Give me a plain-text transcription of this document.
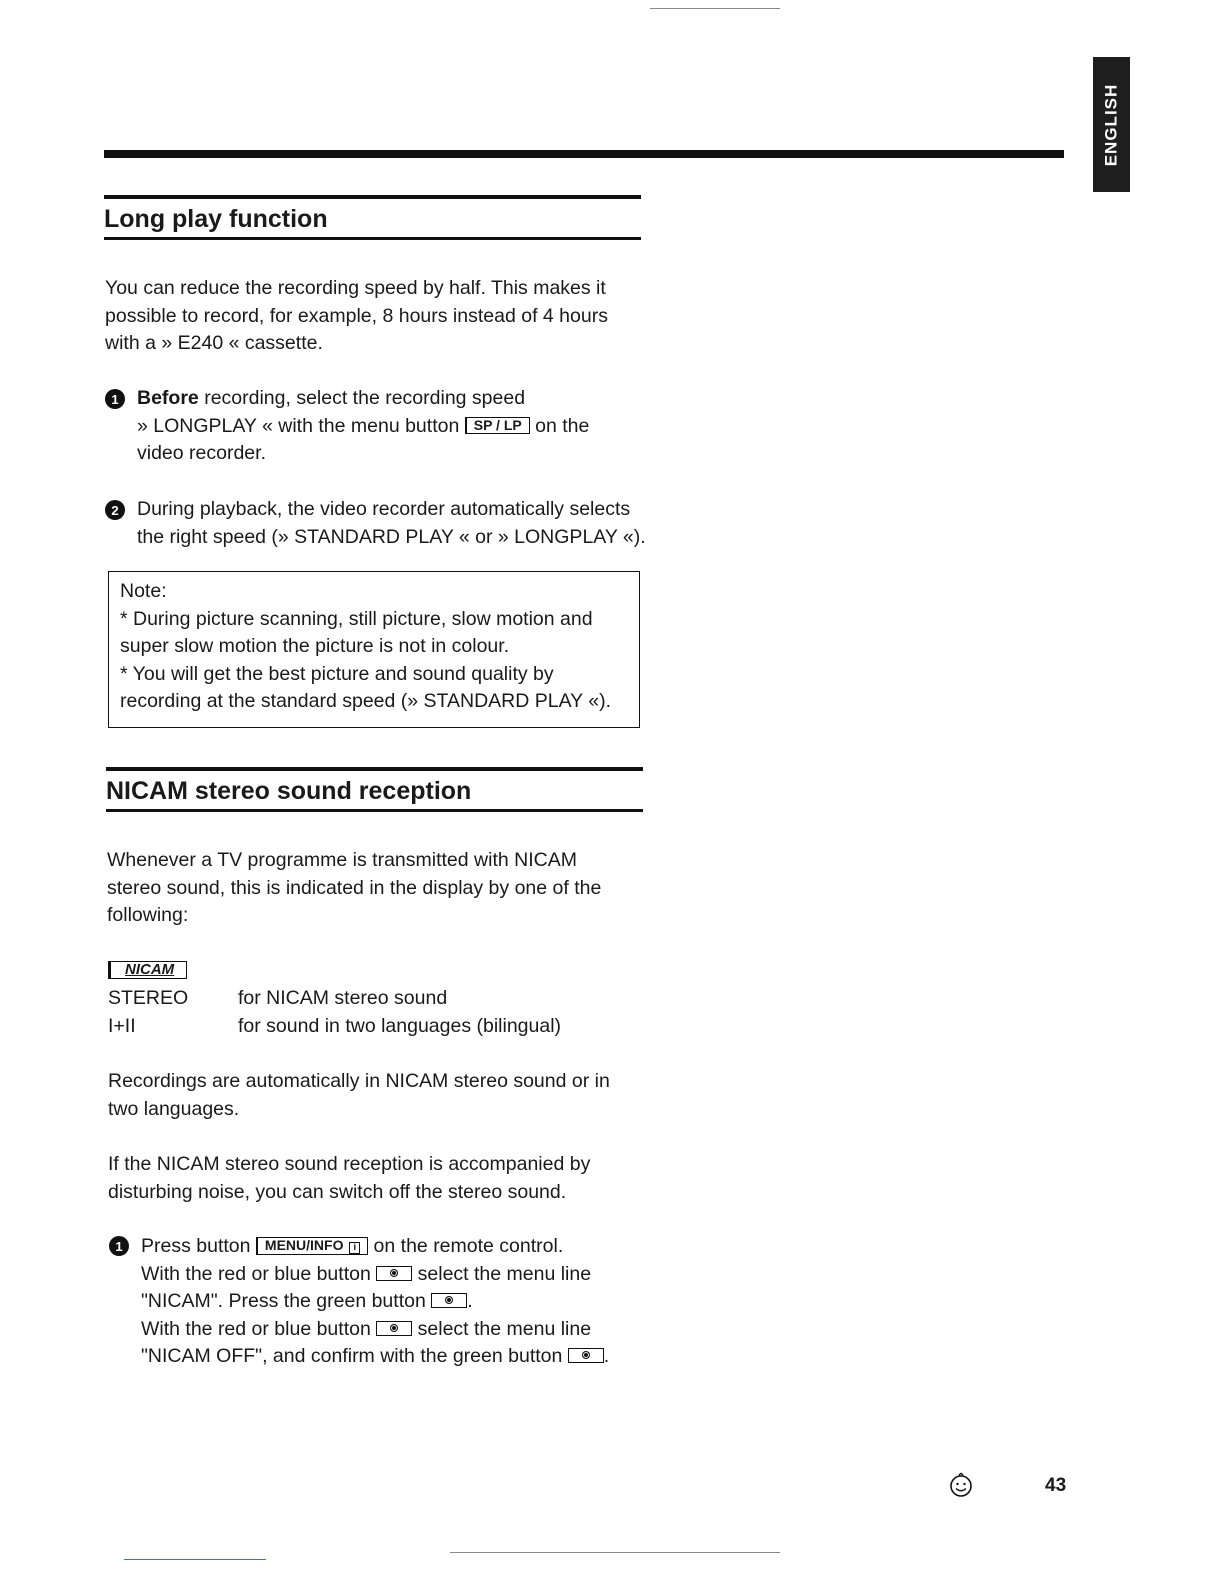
ENGLISH
Long play function

You can reduce the recording speed by half. This makes it

possible to record, for example, 8 hours instead of 4 hours

with a » E240 « cassette.

1 Before recording, select the recording speed

» LONGPLAY « with the menu button SP / LP on the

video recorder.

2 During playback, the video recorder automatically selects

the right speed (» STANDARD PLAY « or » LONGPLAY «).

Note:

* During picture scanning, still picture, slow motion and

super slow motion the picture is not in colour.

* You will get the best picture and sound quality by

recording at the standard speed (» STANDARD PLAY «).

NICAM stereo sound reception

Whenever a TV programme is transmitted with NICAM

stereo sound, this is indicated in the display by one of the

following:

NICAM
STEREO	for NICAM stereo sound
I+II	for sound in two languages (bilingual)

Recordings are automatically in NICAM stereo sound or in

two languages.

If the NICAM stereo sound reception is accompanied by

disturbing noise, you can switch off the stereo sound.

1 Press button MENU/INFO i on the remote control.

With the red or blue button  select the menu line

"NICAM". Press the green button .

With the red or blue button  select the menu line

"NICAM OFF", and confirm with the green button .

43
